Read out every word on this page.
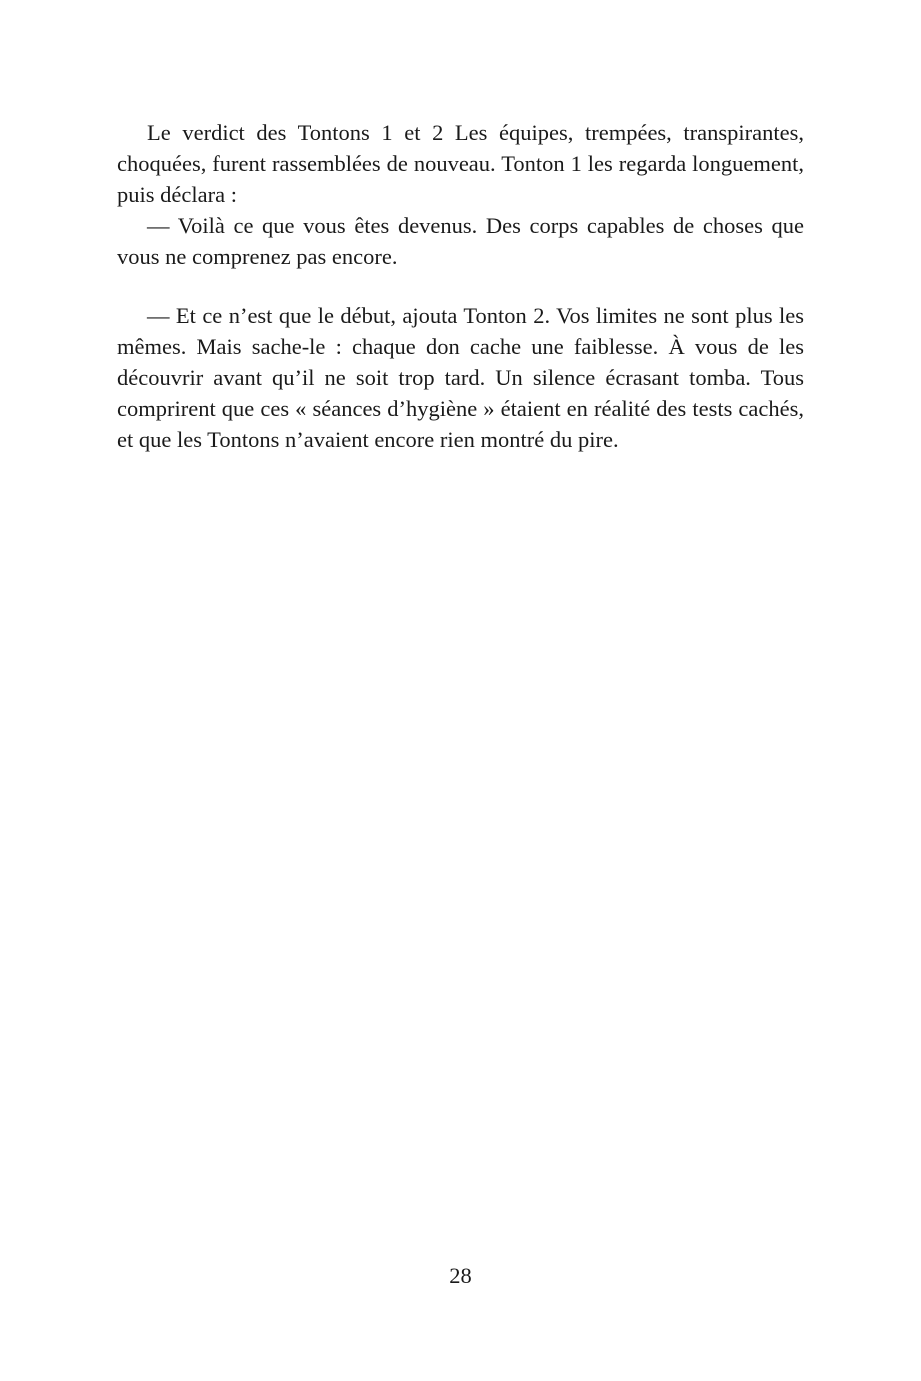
Le verdict des Tontons 1 et 2 Les équipes, trempées, transpirantes, choquées, furent rassemblées de nouveau. Tonton 1 les regarda longuement, puis déclara :

— Voilà ce que vous êtes devenus. Des corps capables de choses que vous ne comprenez pas encore.

— Et ce n’est que le début, ajouta Tonton 2. Vos limites ne sont plus les mêmes. Mais sache-le : chaque don cache une faiblesse. À vous de les découvrir avant qu’il ne soit trop tard. Un silence écrasant tomba. Tous comprirent que ces « séances d’hygiène » étaient en réalité des tests cachés, et que les Tontons n’avaient encore rien montré du pire.

28
